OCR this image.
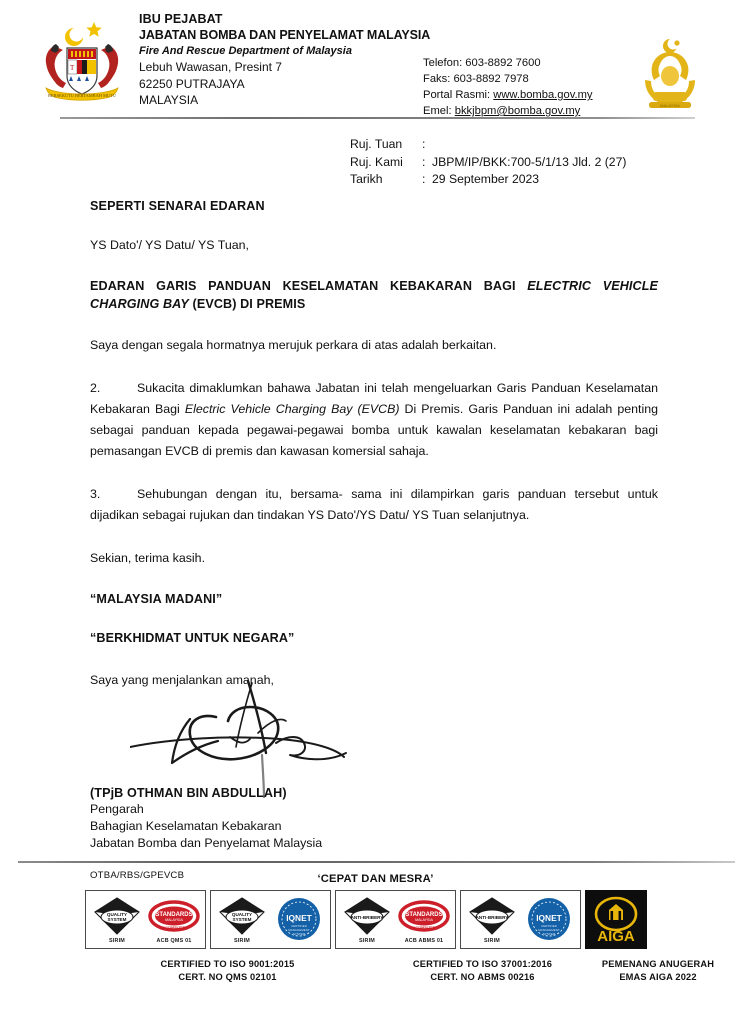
T
BERSEKUTU BERTAMBAH MUTU
IBU PEJABAT
JABATAN BOMBA DAN PENYELAMAT MALAYSIA
Fire And Rescue Department of Malaysia
Lebuh Wawasan, Presint 7
62250 PUTRAJAYA
MALAYSIA
Telefon: 603-8892 7600
Faks: 603-8892 7978
Portal Rasmi: www.bomba.gov.my
Emel: bkkjbpm@bomba.gov.my	MALAYSIA
Ruj. Tuan	:
Ruj. Kami	: JBPM/IP/BKK:700-5/1/13 Jld. 2 (27)
Tarikh	: 29 September 2023
SEPERTI SENARAI EDARAN
YS Dato'/ YS Datu/ YS Tuan,
EDARAN GARIS PANDUAN KESELAMATAN KEBAKARAN BAGI ELECTRIC VEHICLE CHARGING BAY (EVCB) DI PREMIS
Saya dengan segala hormatnya merujuk perkara di atas adalah berkaitan.
2.	Sukacita dimaklumkan bahawa Jabatan ini telah mengeluarkan Garis Panduan Keselamatan Kebakaran Bagi Electric Vehicle Charging Bay (EVCB) Di Premis. Garis Panduan ini adalah penting sebagai panduan kepada pegawai-pegawai bomba untuk kawalan keselamatan kebakaran bagi pemasangan EVCB di premis dan kawasan komersial sahaja.
3.	Sehubungan dengan itu, bersama- sama ini dilampirkan garis panduan tersebut untuk dijadikan sebagai rujukan dan tindakan YS Dato'/YS Datu/ YS Tuan selanjutnya.
Sekian, terima kasih.
“MALAYSIA MADANI”
“BERKHIDMAT UNTUK NEGARA”
Saya yang menjalankan amanah,
(TPjB OTHMAN BIN ABDULLAH)
Pengarah
Bahagian Keselamatan Kebakaran
Jabatan Bomba dan Penyelamat Malaysia
OTBA/RBS/GPEVCB	‘CEPAT DAN MESRA’
QUALITY
SYSTEM
SIRIM
STANDARDS
MALAYSIA
ACCREDITED
ACB QMS 01
QUALITY
SYSTEM
SIRIM
IQNET
CERTIFIED
MANAGEMENT
SYSTEM
ANTI-BRIBERY
SIRIM
STANDARDS
MALAYSIA
ACCREDITED
ACB ABMS 01
ANTI-BRIBERY
SIRIM
IQNET
CERTIFIED
MANAGEMENT
SYSTEM	AIGA
CERTIFIED TO ISO 9001:2015
CERT. NO QMS 02101
CERTIFIED TO ISO 37001:2016
CERT. NO ABMS 00216
PEMENANG ANUGERAH
EMAS AIGA 2022
